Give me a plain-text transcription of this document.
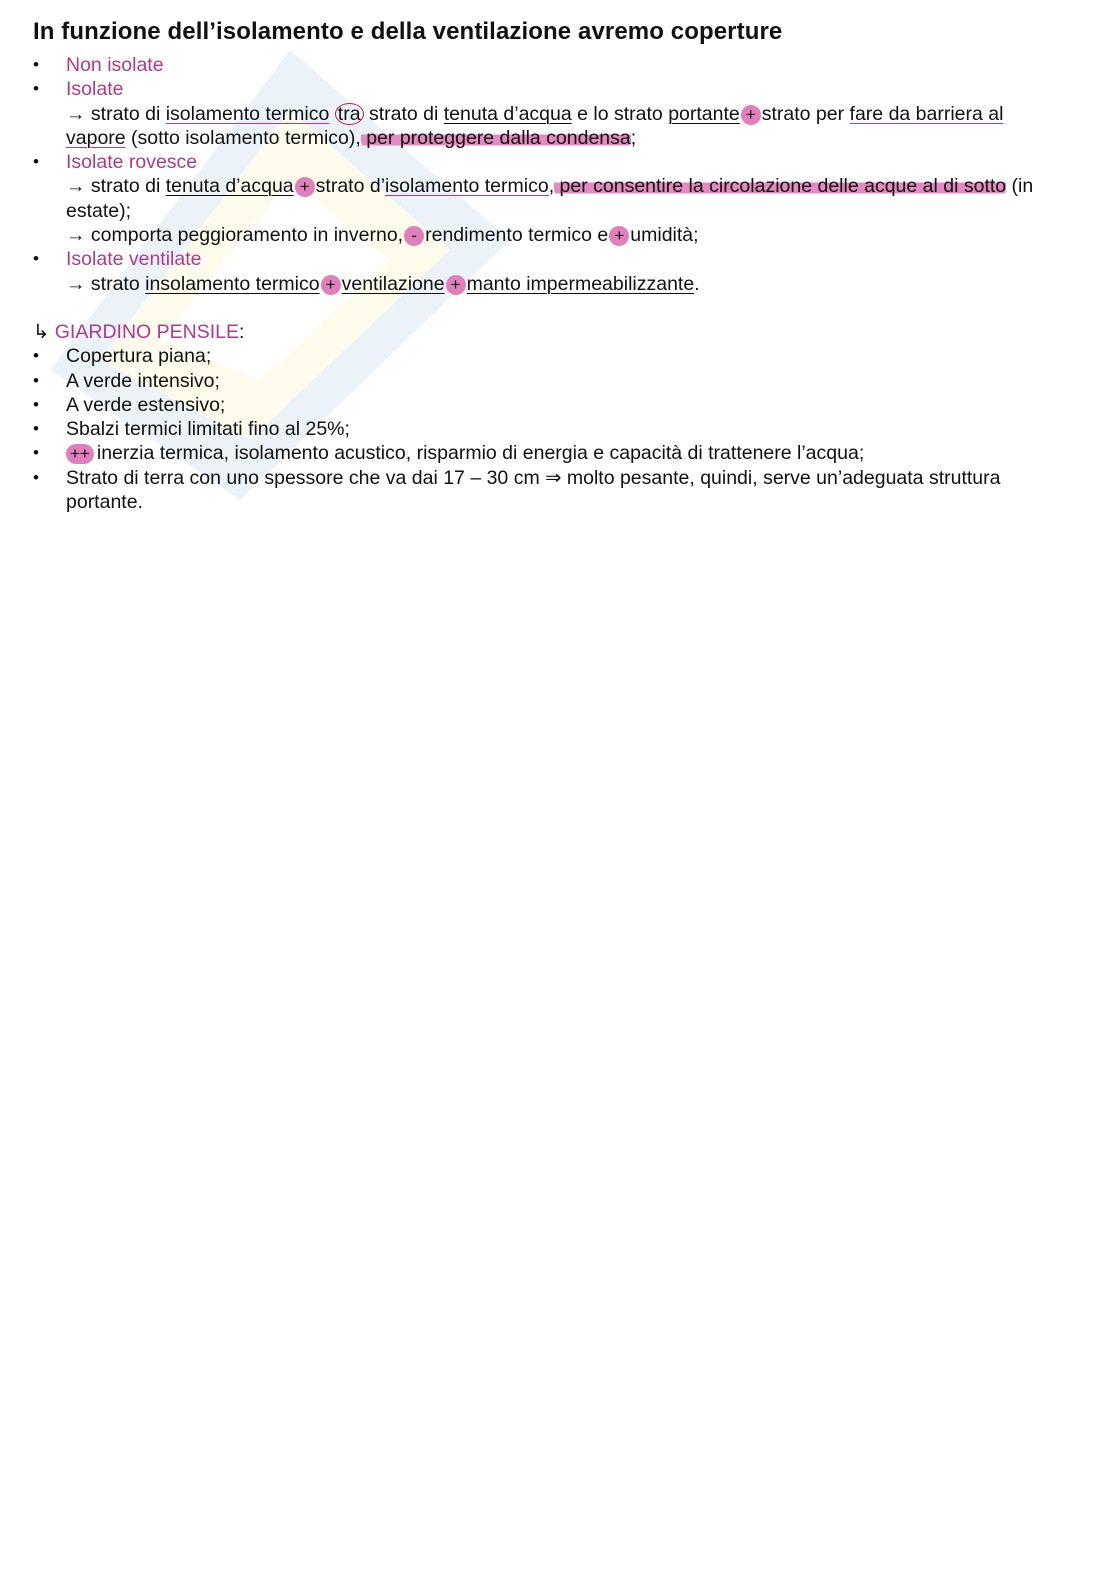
In funzione dell’isolamento e della ventilazione avremo coperture
• Non isolate
• Isolate
→ strato di isolamento termico tra strato di tenuta d’acqua e lo strato portante + strato per fare da barriera al vapore (sotto isolamento termico), per proteggere dalla condensa;
• Isolate rovesce
→ strato di tenuta d’acqua + strato d’isolamento termico, per consentire la circolazione delle acque al di sotto (in estate);
→ comporta peggioramento in inverno, - rendimento termico e + umidità;
• Isolate ventilate
→ strato insolamento termico + ventilazione + manto impermeabilizzante.
↳ GIARDINO PENSILE:
• Copertura piana;
• A verde intensivo;
• A verde estensivo;
• Sbalzi termici limitati fino al 25%;
• ++ inerzia termica, isolamento acustico, risparmio di energia e capacità di trattenere l’acqua;
• Strato di terra con uno spessore che va dai 17 – 30 cm ⇒ molto pesante, quindi, serve un’adeguata struttura portante.
